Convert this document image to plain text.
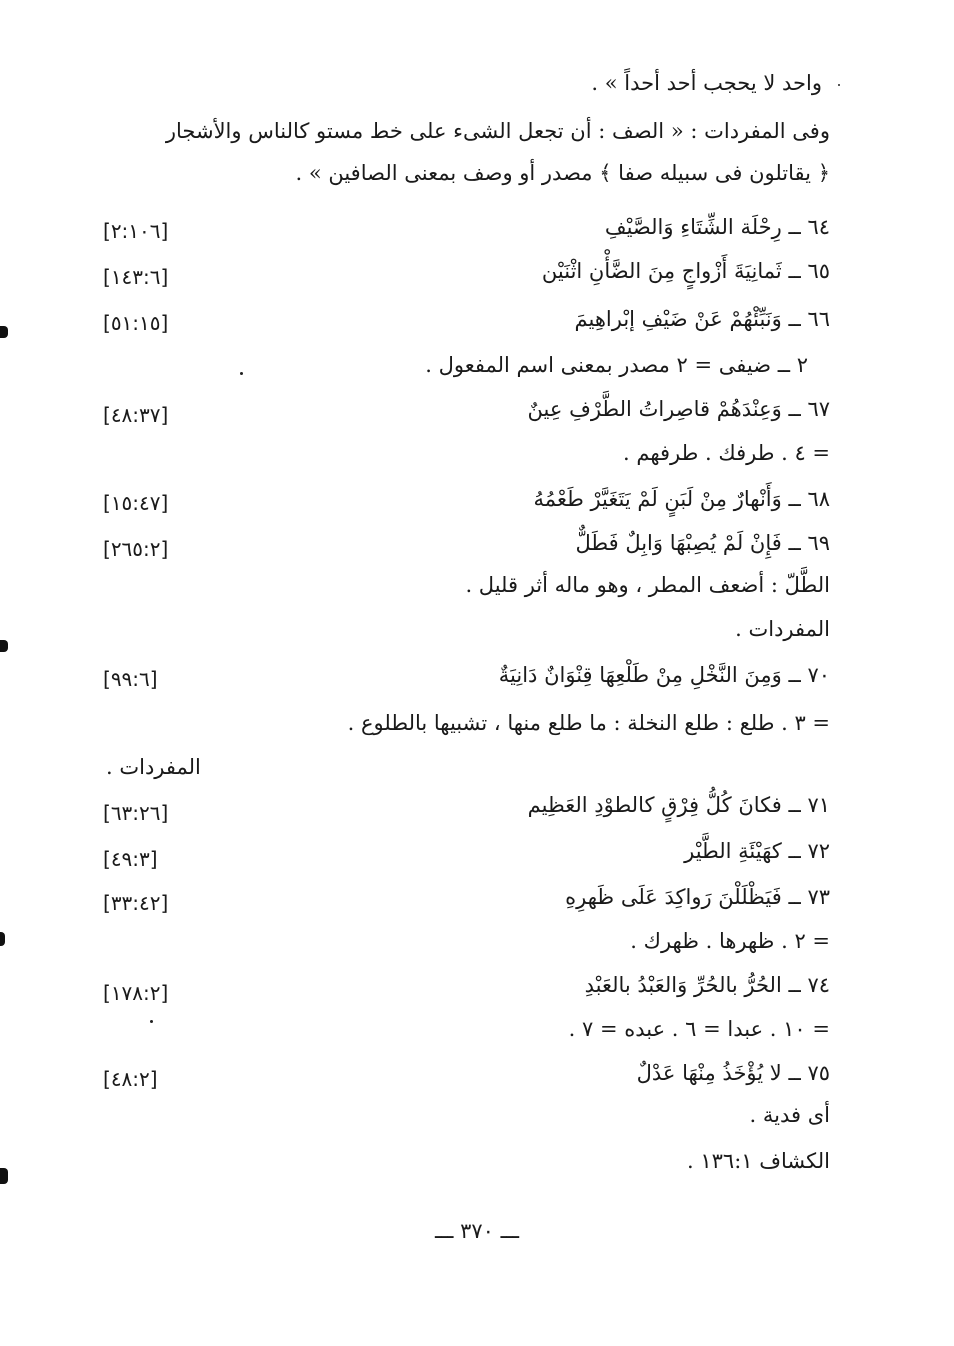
واحد لا يحجب أحد أحداً » .
وفى المفردات : « الصف : أن تجعل الشىء على خط مستو كالناس والأشجار
﴿ يقاتلون فى سبيله صفا ﴾ مصدر أو وصف بمعنى الصافين » .
٦٤ ــ رِحْلَة الشِّتَاءِ وَالصَّيْفِ
[٢:١٠٦]
٦٥ ــ ثَمانِيَةَ أَزْواجٍ مِنَ الضَّأْنِ اثْنَيْن
[١٤٣:٦]
٦٦ ــ وَنَبِّئْهُمْ عَنْ ضَيْفِ إبْراهِيمَ
[٥١:١٥]
٢ ــ ضيفى = ٢ مصدر بمعنى اسم المفعول .
٦٧ ــ وَعِنْدَهُمْ قاصِراتُ الطَّرْفِ عِينٌ
[٤٨:٣٧]
= ٤ . طرفك . طرفهم .
٦٨ ــ وَأَنْهارٌ مِنْ لَبَنٍ لَمْ يَتَغَيَّرْ طَعْمُهُ
[١٥:٤٧]
٦٩ ــ فَإِنْ لَمْ يُصِبْهَا وَابِلٌ فَطَلٌّ
[٢٦٥:٢]
الطَّلّ : أضعف المطر ، وهو ماله أثر قليل .
المفردات .
٧٠ ــ وَمِنَ النَّخْلِ مِنْ طَلْعِهَا قِنْوَانٌ دَانِيَةٌ
[٩٩:٦]
= ٣ . طلع : طلع النخلة : ما طلع منها ، تشبيها بالطلوع .
المفردات .
٧١ ــ فكانَ كُلُّ فِرْقٍ كالطوْدِ العَظِيم
[٦٣:٢٦]
٧٢ ــ كهَيْئَةِ الطَّيْر
[٤٩:٣]
٧٣ ــ فَيَظْلَلْنَ رَواكِدَ عَلَى ظَهرِهِ
[٣٣:٤٢]
= ٢ . ظهرها . ظهرك .
٧٤ ــ الحُرُّ بالحُرِّ وَالعَبْدُ بالعَبْدِ
[١٧٨:٢]
= ١٠ . عبدا = ٦ . عبده = ٧ .
٧٥ ــ لا يُؤْخَذُ مِنْهَا عَدْلٌ
[٤٨:٢]
أى فدية .
الكشاف ١٣٦:١ .
ـــ ٣٧٠ ـــ
